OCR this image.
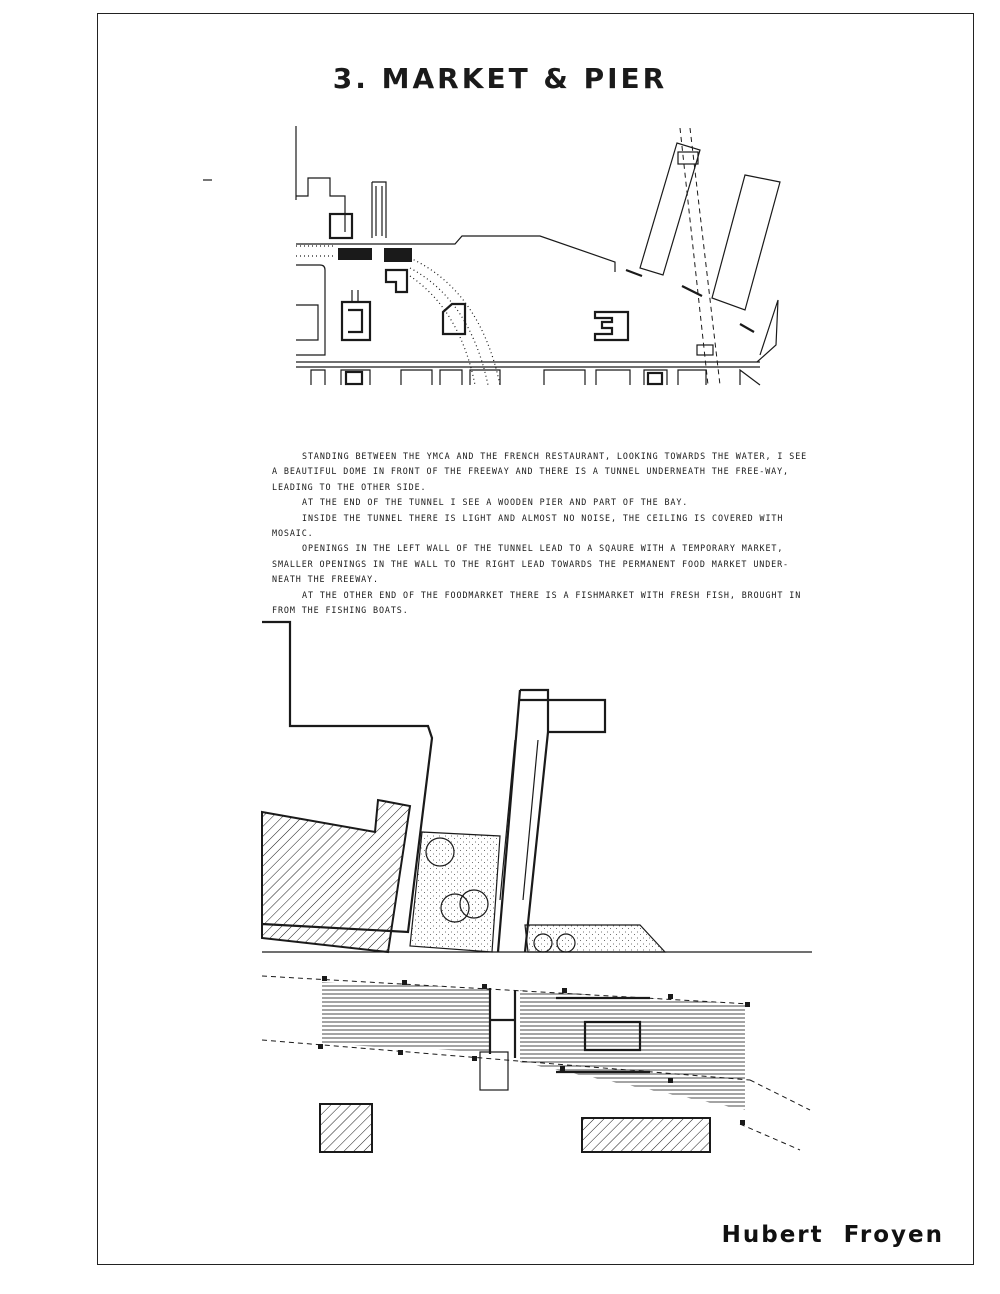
3. MARKET & PIER

STANDING BETWEEN THE YMCA AND THE FRENCH RESTAURANT, LOOKING TOWARDS THE WATER, I SEE A BEAUTIFUL DOME IN FRONT OF THE FREEWAY AND THERE IS A TUNNEL UNDERNEATH THE FREE-WAY, LEADING TO THE OTHER SIDE.

AT THE END OF THE TUNNEL I SEE A WOODEN PIER AND PART OF THE BAY.

INSIDE THE TUNNEL THERE IS LIGHT AND ALMOST NO NOISE, THE CEILING IS COVERED WITH MOSAIC.

OPENINGS IN THE LEFT WALL OF THE TUNNEL LEAD TO A SQAURE WITH A TEMPORARY MARKET, SMALLER OPENINGS IN THE WALL TO THE RIGHT LEAD TOWARDS THE PERMANENT FOOD MARKET UNDER-NEATH THE FREEWAY.

AT THE OTHER END OF THE FOODMARKET THERE IS A FISHMARKET WITH FRESH FISH, BROUGHT IN FROM THE FISHING BOATS.

Hubert Froyen
